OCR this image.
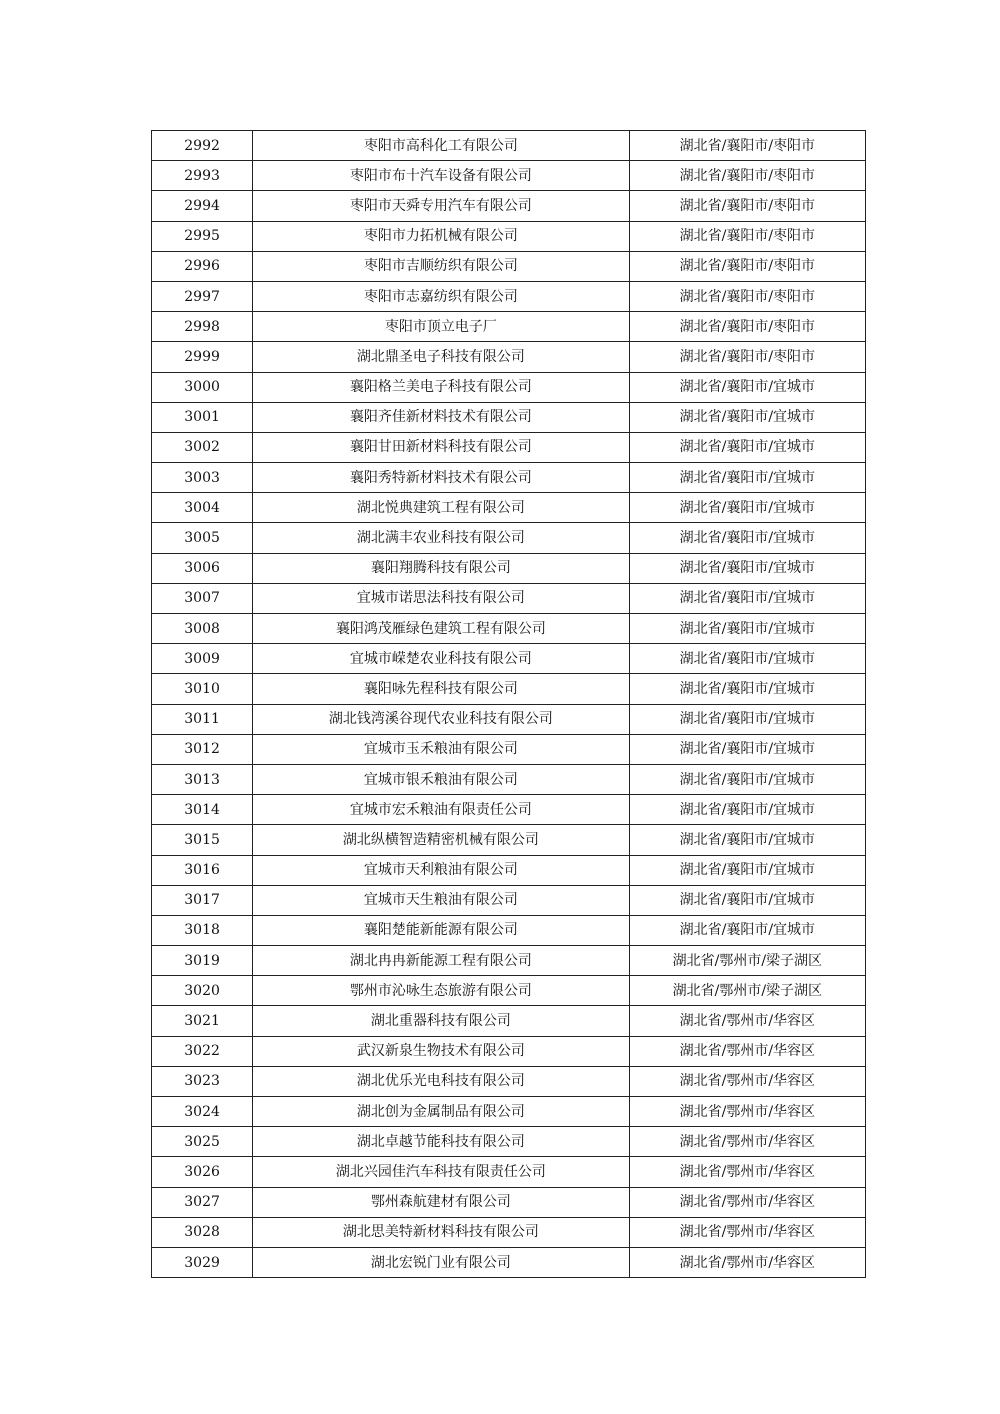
2992	枣阳市高科化工有限公司	湖北省/襄阳市/枣阳市
2993	枣阳市布十汽车设备有限公司	湖北省/襄阳市/枣阳市
2994	枣阳市天舜专用汽车有限公司	湖北省/襄阳市/枣阳市
2995	枣阳市力拓机械有限公司	湖北省/襄阳市/枣阳市
2996	枣阳市吉顺纺织有限公司	湖北省/襄阳市/枣阳市
2997	枣阳市志嘉纺织有限公司	湖北省/襄阳市/枣阳市
2998	枣阳市顶立电子厂	湖北省/襄阳市/枣阳市
2999	湖北鼎圣电子科技有限公司	湖北省/襄阳市/枣阳市
3000	襄阳格兰美电子科技有限公司	湖北省/襄阳市/宜城市
3001	襄阳齐佳新材料技术有限公司	湖北省/襄阳市/宜城市
3002	襄阳甘田新材料科技有限公司	湖北省/襄阳市/宜城市
3003	襄阳秀特新材料技术有限公司	湖北省/襄阳市/宜城市
3004	湖北悦典建筑工程有限公司	湖北省/襄阳市/宜城市
3005	湖北满丰农业科技有限公司	湖北省/襄阳市/宜城市
3006	襄阳翔腾科技有限公司	湖北省/襄阳市/宜城市
3007	宜城市诺思法科技有限公司	湖北省/襄阳市/宜城市
3008	襄阳鸿茂雁绿色建筑工程有限公司	湖北省/襄阳市/宜城市
3009	宜城市嵘楚农业科技有限公司	湖北省/襄阳市/宜城市
3010	襄阳咏先程科技有限公司	湖北省/襄阳市/宜城市
3011	湖北钱湾溪谷现代农业科技有限公司	湖北省/襄阳市/宜城市
3012	宜城市玉禾粮油有限公司	湖北省/襄阳市/宜城市
3013	宜城市银禾粮油有限公司	湖北省/襄阳市/宜城市
3014	宜城市宏禾粮油有限责任公司	湖北省/襄阳市/宜城市
3015	湖北纵横智造精密机械有限公司	湖北省/襄阳市/宜城市
3016	宜城市天利粮油有限公司	湖北省/襄阳市/宜城市
3017	宜城市天生粮油有限公司	湖北省/襄阳市/宜城市
3018	襄阳楚能新能源有限公司	湖北省/襄阳市/宜城市
3019	湖北冉冉新能源工程有限公司	湖北省/鄂州市/梁子湖区
3020	鄂州市沁咏生态旅游有限公司	湖北省/鄂州市/梁子湖区
3021	湖北重器科技有限公司	湖北省/鄂州市/华容区
3022	武汉新泉生物技术有限公司	湖北省/鄂州市/华容区
3023	湖北优乐光电科技有限公司	湖北省/鄂州市/华容区
3024	湖北创为金属制品有限公司	湖北省/鄂州市/华容区
3025	湖北卓越节能科技有限公司	湖北省/鄂州市/华容区
3026	湖北兴园佳汽车科技有限责任公司	湖北省/鄂州市/华容区
3027	鄂州森航建材有限公司	湖北省/鄂州市/华容区
3028	湖北思美特新材料科技有限公司	湖北省/鄂州市/华容区
3029	湖北宏锐门业有限公司	湖北省/鄂州市/华容区
